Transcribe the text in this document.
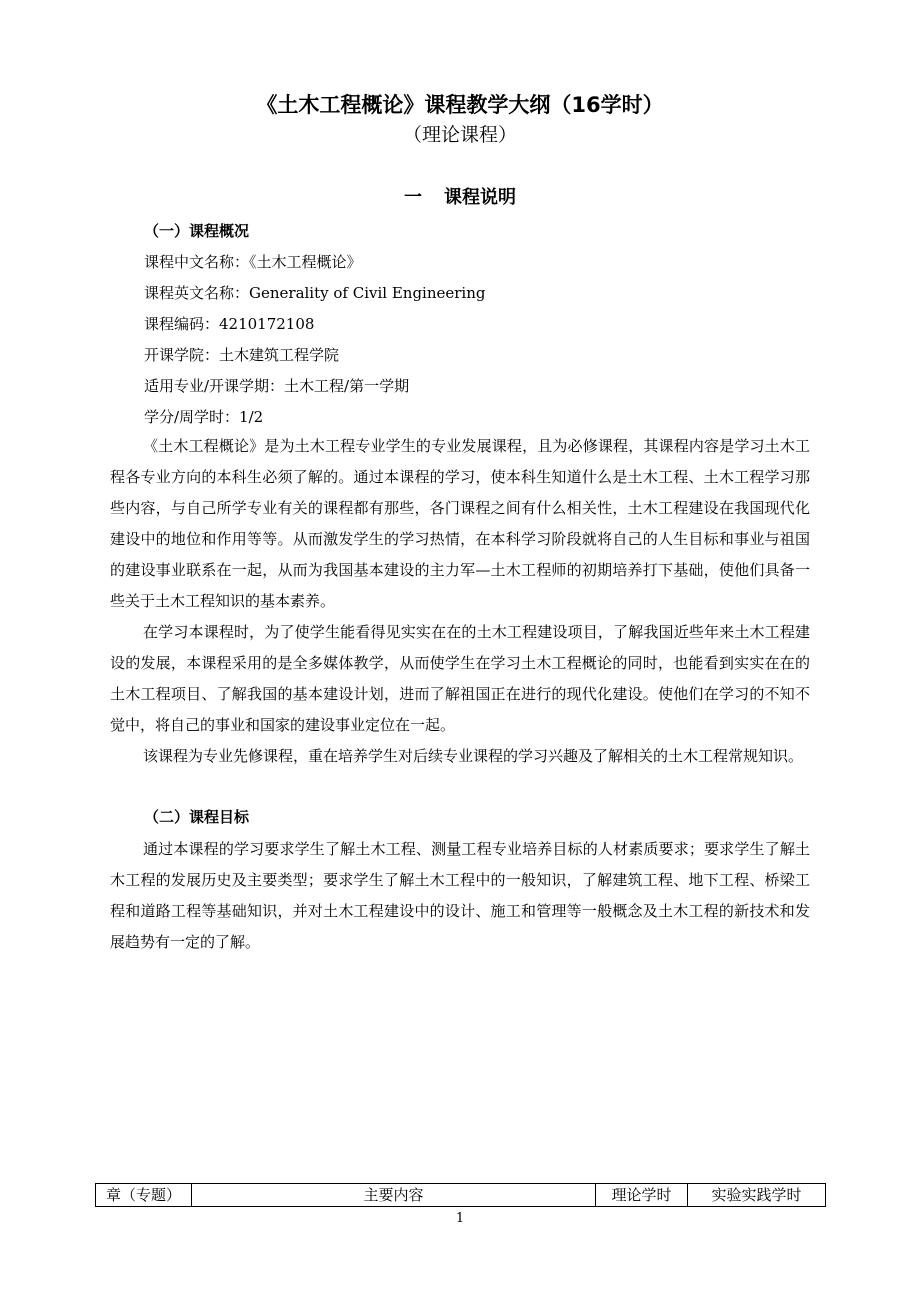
《土木工程概论》课程教学大纲（16学时）
（理论课程）
一 课程说明
（一）课程概况
课程中文名称：《土木工程概论》
课程英文名称：Generality of Civil Engineering
课程编码：4210172108
开课学院：土木建筑工程学院
适用专业/开课学期：土木工程/第一学期
学分/周学时：1/2

《土木工程概论》是为土木工程专业学生的专业发展课程，且为必修课程，其课程内容是学习土木工程各专业方向的本科生必须了解的。通过本课程的学习，使本科生知道什么是土木工程、土木工程学习那些内容，与自己所学专业有关的课程都有那些，各门课程之间有什么相关性，土木工程建设在我国现代化建设中的地位和作用等等。从而激发学生的学习热情，在本科学习阶段就将自己的人生目标和事业与祖国的建设事业联系在一起，从而为我国基本建设的主力军—土木工程师的初期培养打下基础，使他们具备一些关于土木工程知识的基本素养。

在学习本课程时，为了使学生能看得见实实在在的土木工程建设项目，了解我国近些年来土木工程建设的发展，本课程采用的是全多媒体教学，从而使学生在学习土木工程概论的同时，也能看到实实在在的土木工程项目、了解我国的基本建设计划，进而了解祖国正在进行的现代化建设。使他们在学习的不知不觉中，将自己的事业和国家的建设事业定位在一起。

该课程为专业先修课程，重在培养学生对后续专业课程的学习兴趣及了解相关的土木工程常规知识。

（二）课程目标

通过本课程的学习要求学生了解土木工程、测量工程专业培养目标的人材素质要求；要求学生了解土木工程的发展历史及主要类型；要求学生了解土木工程中的一般知识，了解建筑工程、地下工程、桥梁工程和道路工程等基础知识，并对土木工程建设中的设计、施工和管理等一般概念及土木工程的新技术和发展趋势有一定的了解。

章（专题）	主要内容	理论学时	实验实践学时
1
